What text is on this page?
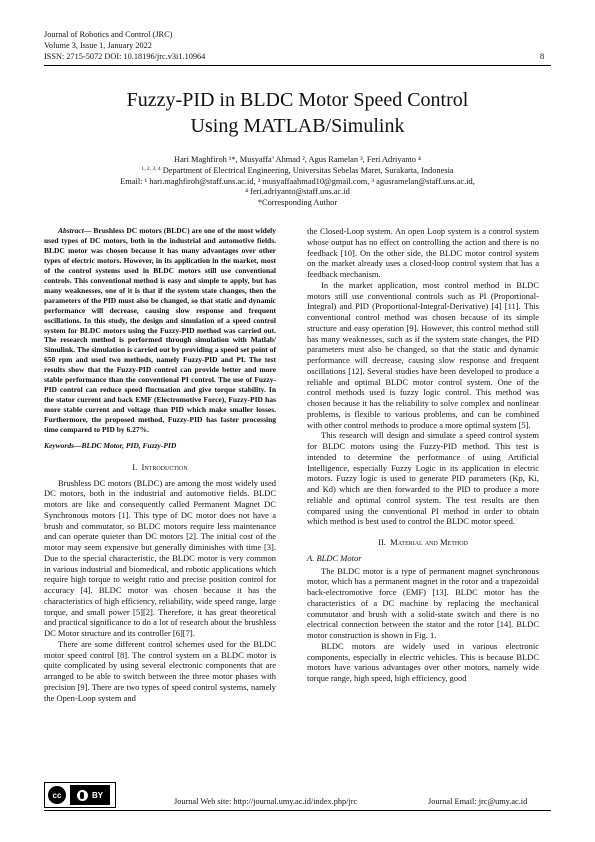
Journal of Robotics and Control (JRC)
Volume 3, Issue 1, January 2022
ISSN: 2715-5072 DOI: 10.18196/jrc.v3i1.10964	8
Fuzzy-PID in BLDC Motor Speed Control
Using MATLAB/Simulink
Hari Maghfiroh ¹*, Musyaffa’ Ahmad ², Agus Ramelan ³, Feri Adriyanto ⁴
$^{1, 2, 3, 4}$ Department of Electrical Engineering, Universitas Sebelas Maret, Surakarta, Indonesia
Email: ¹ hari.maghfiroh@staff.uns.ac.id, ² musyaffaahmad10@gmail.com, ³ agusramelan@staff.uns.ac.id,
⁴ feri.adriyanto@staff.uns.ac.id
*Corresponding Author

Abstract— Brushless DC motors (BLDC) are one of the most widely used types of DC motors, both in the industrial and automotive fields. BLDC motor was chosen because it has many advantages over other types of electric motors. However, in its application in the market, most of the control systems used in BLDC motors still use conventional controls. This conventional method is easy and simple to apply, but has many weaknesses, one of it is that if the system state changes, then the parameters of the PID must also be changed, so that static and dynamic performance will decrease, causing slow response and frequent oscillations. In this study, the design and simulation of a speed control system for BLDC motors using the Fuzzy-PID method was carried out. The research method is performed through simulation with Matlab/ Simulink. The simulation is carried out by providing a speed set point of 650 rpm and used two methods, namely Fuzzy-PID and PI. The test results show that the Fuzzy-PID control can provide better and more stable performance than the conventional PI control. The use of Fuzzy-PID control can reduce speed fluctuation and give torque stability. In the stator current and back EMF (Electromotive Force), Fuzzy-PID has more stable current and voltage than PID which make smaller losses. Furthermore, the proposed method, Fuzzy-PID has faster processing time compared to PID by 6.27%.

Keywords—BLDC Motor, PID, Fuzzy-PID

I. Introduction

Brushless DC motors (BLDC) are among the most widely used DC motors, both in the industrial and automotive fields. BLDC motors are like and consequently called Permanent Magnet DC Synchronous motors [1]. This type of DC motor does not have a brush and commutator, so BLDC motors require less maintenance and can operate quieter than DC motors [2]. The initial cost of the motor may seem expensive but generally diminishes with time [3]. Due to the special characteristic, the BLDC motor is very common in various industrial and biomedical, and robotic applications which require high torque to weight ratio and precise position control for accuracy [4]. BLDC motor was chosen because it has the characteristics of high efficiency, reliability, wide speed range, large torque, and small power [5][2]. Therefore, it has great theoretical and practical significance to do a lot of research about the brushless DC Motor structure and its controller [6][7].

There are some different control schemes used for the BLDC motor speed control [8]. The control system on a BLDC motor is quite complicated by using several electronic components that are arranged to be able to switch between the three motor phases with precision [9]. There are two types of speed control systems, namely the Open-Loop system and

the Closed-Loop system. An open Loop system is a control system whose output has no effect on controlling the action and there is no feedback [10]. On the other side, the BLDC motor control system on the market already uses a closed-loop control system that has a feedback mechanism.

In the market application, most control method in BLDC motors still use conventional controls such as PI (Proportional-Integral) and PID (Proportional-Integral-Derivative) [4] [11]. This conventional control method was chosen because of its simple structure and easy operation [9]. However, this control method still has many weaknesses, such as if the system state changes, the PID parameters must also be changed, so that the static and dynamic performance will decrease, causing slow response and frequent oscillations [12]. Several studies have been developed to produce a reliable and optimal BLDC motor control system. One of the control methods used is fuzzy logic control. This method was chosen because it has the reliability to solve complex and nonlinear problems, is flexible to various problems, and can be combined with other control methods to produce a more optimal system [5].

This research will design and simulate a speed control system for BLDC motors using the Fuzzy-PID method. This test is intended to determine the performance of using Artificial Intelligence, especially Fuzzy Logic in its application in electric motors. Fuzzy logic is used to generate PID parameters (Kp, Ki, and Kd) which are then forwarded to the PID to produce a more reliable and optimal control system. The test results are then compared using the conventional PI method in order to obtain which method is best used to control the BLDC motor speed.

II. Material and Method
A. BLDC Motor

The BLDC motor is a type of permanent magnet synchronous motor, which has a permanent magnet in the rotor and a trapezoidal back-electromotive force (EMF) [13]. BLDC motor has the characteristics of a DC machine by replacing the mechanical commutator and brush with a solid-state switch and there is no electrical connection between the stator and the rotor [14]. BLDC motor construction is shown in Fig. 1.

BLDC motors are widely used in various electronic components, especially in electric vehicles. This is because BLDC motors have various advantages over other motors, namely wide torque range, high speed, high efficiency, good

cc	BY
Journal Web site: http://journal.umy.ac.id/index.php/jrc	Journal Email: jrc@umy.ac.id
